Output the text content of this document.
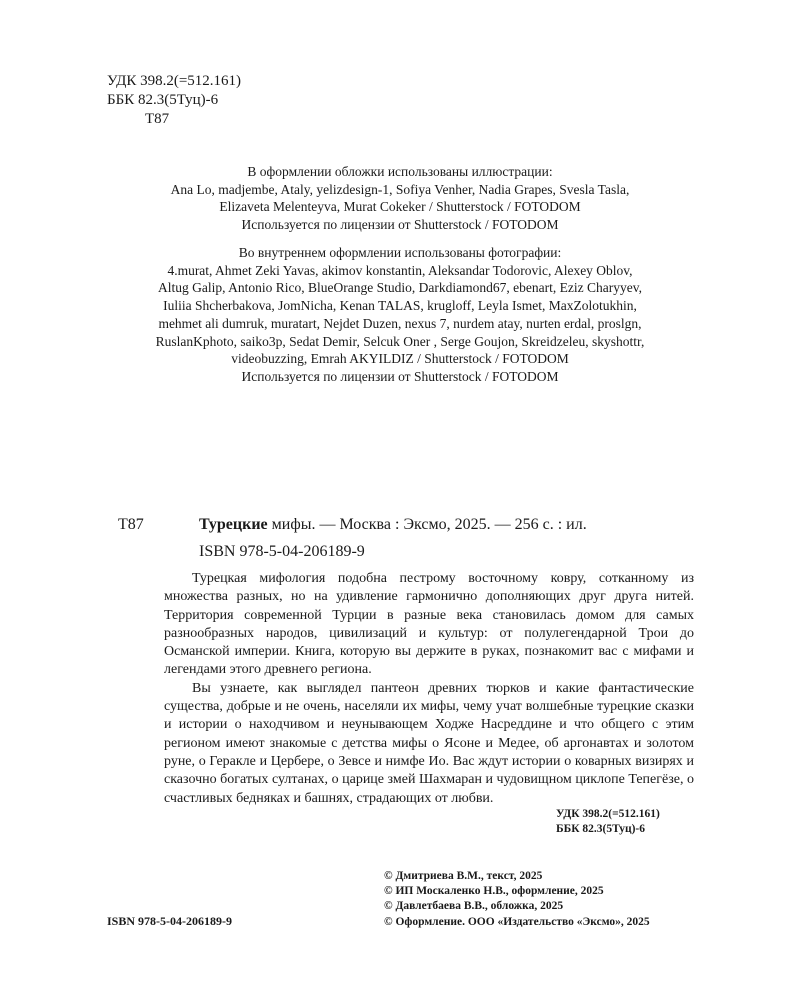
УДК 398.2(=512.161)
ББК 82.3(5Туц)-6
Т87
В оформлении обложки использованы иллюстрации:
Ana Lo, madjembe, Ataly, yelizdesign-1, Sofiya Venher, Nadia Grapes, Svesla Tasla,
Elizaveta Melenteyva, Murat Cokeker / Shutterstock / FOTODOM
Используется по лицензии от Shutterstock / FOTODOM
Во внутреннем оформлении использованы фотографии:
4.murat, Ahmet Zeki Yavas, akimov konstantin, Aleksandar Todorovic, Alexey Oblov,
Altug Galip, Antonio Rico, BlueOrange Studio, Darkdiamond67, ebenart, Eziz Charyyev,
Iuliia Shcherbakova, JomNicha, Kenan TALAS, krugloff, Leyla Ismet, MaxZolotukhin,
mehmet ali dumruk, muratart, Nejdet Duzen, nexus 7, nurdem atay, nurten erdal, proslgn,
RuslanKphoto, saiko3p, Sedat Demir, Selcuk Oner , Serge Goujon, Skreidzeleu, skyshottr,
videobuzzing, Emrah AKYILDIZ / Shutterstock / FOTODOM
Используется по лицензии от Shutterstock / FOTODOM
Т87	Турецкие мифы. — Москва : Эксмо, 2025. — 256 с. : ил.
ISBN 978-5-04-206189-9

Турецкая мифология подобна пестрому восточному ковру, сотканному из множества разных, но на удивление гармонично дополняющих друг друга нитей. Территория современной Турции в разные века становилась домом для самых разнообразных народов, цивилизаций и культур: от полулегендарной Трои до Османской империи. Книга, которую вы держите в руках, познакомит вас с мифами и легендами этого древнего региона.

Вы узнаете, как выглядел пантеон древних тюрков и какие фантастические существа, добрые и не очень, населяли их мифы, чему учат волшебные турецкие сказки и истории о находчивом и неунывающем Ходже Насреддине и что общего с этим регионом имеют знакомые с детства мифы о Ясоне и Медее, об аргонавтах и золотом руне, о Геракле и Цербере, о Зевсе и нимфе Ио. Вас ждут истории о коварных визирях и сказочно богатых султанах, о царице змей Шахмаран и чудовищном циклопе Тепегёзе, о счастливых бедняках и башнях, страдающих от любви.

УДК 398.2(=512.161)
ББК 82.3(5Туц)-6
© Дмитриева В.М., текст, 2025
© ИП Москаленко Н.В., оформление, 2025
© Давлетбаева В.В., обложка, 2025
© Оформление. ООО «Издательство «Эксмо», 2025
ISBN 978-5-04-206189-9
